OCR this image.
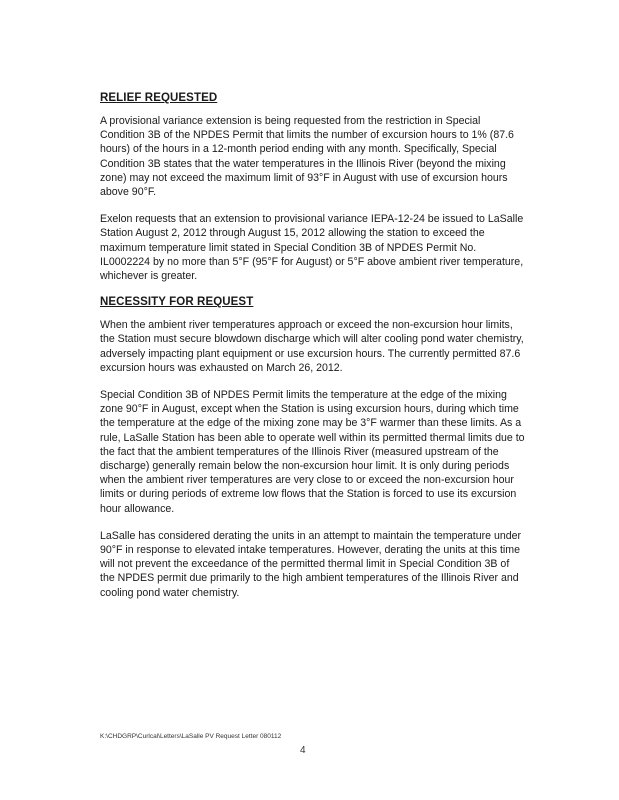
RELIEF REQUESTED

A provisional variance extension is being requested from the restriction in Special Condition 3B of the NPDES Permit that limits the number of excursion hours to 1% (87.6 hours) of the hours in a 12-month period ending with any month. Specifically, Special Condition 3B states that the water temperatures in the Illinois River (beyond the mixing zone) may not exceed the maximum limit of 93°F in August with use of excursion hours above 90°F.

Exelon requests that an extension to provisional variance IEPA-12-24 be issued to LaSalle Station August 2, 2012 through August 15, 2012 allowing the station to exceed the maximum temperature limit stated in Special Condition 3B of NPDES Permit No. IL0002224 by no more than 5°F (95°F for August) or 5°F above ambient river temperature, whichever is greater.

NECESSITY FOR REQUEST

When the ambient river temperatures approach or exceed the non-excursion hour limits, the Station must secure blowdown discharge which will alter cooling pond water chemistry, adversely impacting plant equipment or use excursion hours. The currently permitted 87.6 excursion hours was exhausted on March 26, 2012.

Special Condition 3B of NPDES Permit limits the temperature at the edge of the mixing zone 90°F in August, except when the Station is using excursion hours, during which time the temperature at the edge of the mixing zone may be 3°F warmer than these limits. As a rule, LaSalle Station has been able to operate well within its permitted thermal limits due to the fact that the ambient temperatures of the Illinois River (measured upstream of the discharge) generally remain below the non-excursion hour limit. It is only during periods when the ambient river temperatures are very close to or exceed the non-excursion hour limits or during periods of extreme low flows that the Station is forced to use its excursion hour allowance.

LaSalle has considered derating the units in an attempt to maintain the temperature under 90°F in response to elevated intake temperatures. However, derating the units at this time will not prevent the exceedance of the permitted thermal limit in Special Condition 3B of the NPDES permit due primarily to the high ambient temperatures of the Illinois River and cooling pond water chemistry.

K:\CHDGRP\Curlcal\Letters\LaSalle PV Request Letter 080112
4
